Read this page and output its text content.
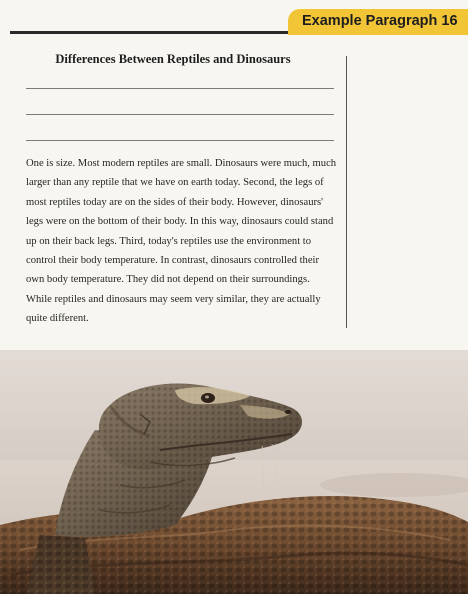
Example Paragraph 16
Differences Between Reptiles and Dinosaurs

One is size. Most modern reptiles are small. Dinosaurs were much, much
larger than any reptile that we have on earth today. Second, the legs of
most reptiles today are on the sides of their body. However, dinosaurs'
legs were on the bottom of their body. In this way, dinosaurs could stand
up on their back legs. Third, today's reptiles use the environment to
control their body temperature. In contrast, dinosaurs controlled their
own body temperature. They did not depend on their surroundings.
While reptiles and dinosaurs may seem very similar, they are actually
quite different.
